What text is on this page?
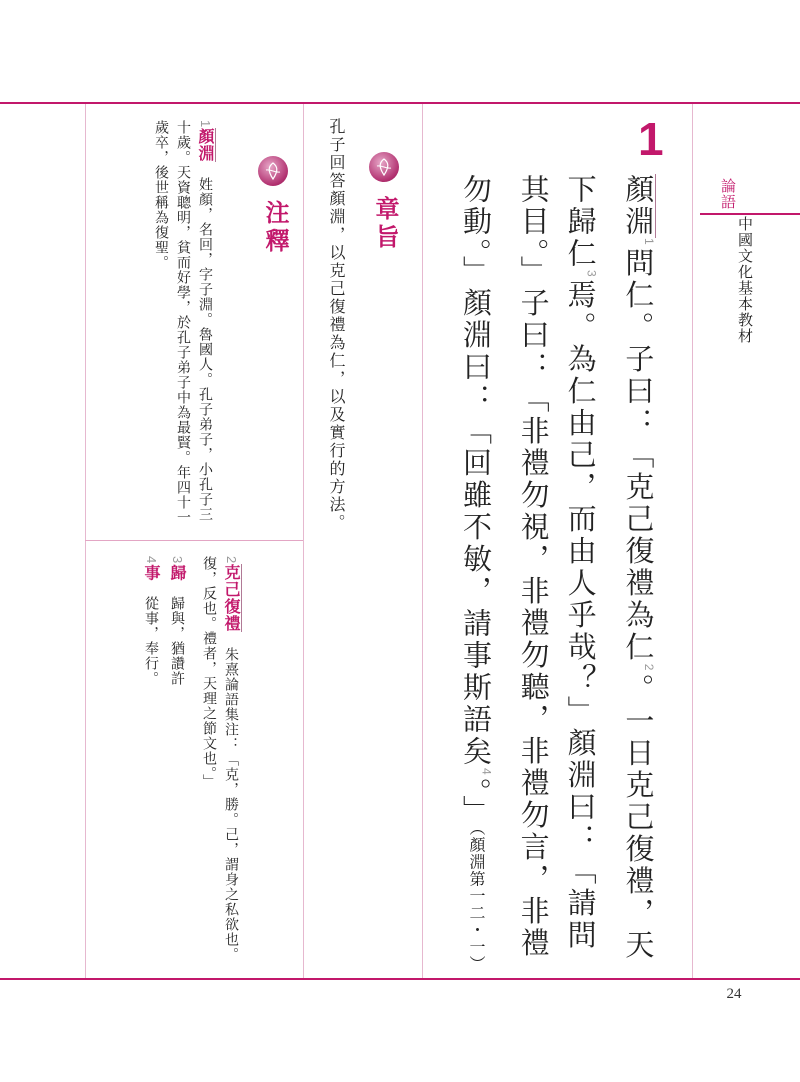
論語
中國文化基本教材
1
顏淵$^1$問仁。子曰：「克己復禮為仁$^2$。一日克己復禮，天下歸仁$^3$焉。為仁由己，而由人乎哉？」顏淵曰：「請問其目。」子曰：「非禮勿視，非禮勿聽，非禮勿言，非禮勿動。」顏淵曰：「回雖不敏，請事斯語矣$^4$。」（顏淵第一二・一）
章旨
孔子回答顏淵，以克己復禮為仁，以及實行的方法。
注釋
1顏淵　姓顏，名回，字子淵。魯國人。孔子弟子，小孔子三十歲。天資聰明，貧而好學，於孔子弟子中為最賢。年四十一歲卒，後世稱為復聖。
2克己復禮　朱熹論語集注：「克，勝。己，謂身之私欲也。復，反也。禮者，天理之節文也。」
3歸　歸與，猶讚許
4事　從事，奉行。
24
